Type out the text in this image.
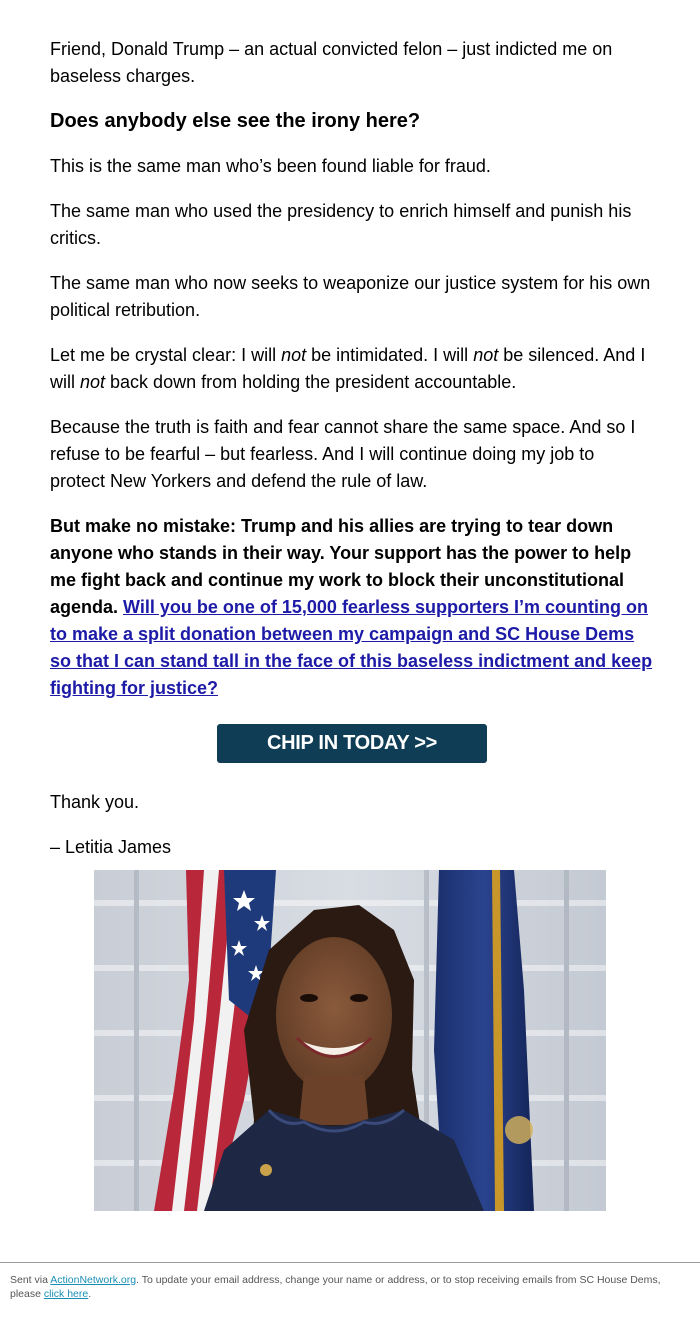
Friend, Donald Trump – an actual convicted felon – just indicted me on baseless charges.

Does anybody else see the irony here?

This is the same man who’s been found liable for fraud.

The same man who used the presidency to enrich himself and punish his critics.

The same man who now seeks to weaponize our justice system for his own political retribution.

Let me be crystal clear: I will not be intimidated. I will not be silenced. And I will not back down from holding the president accountable.

Because the truth is faith and fear cannot share the same space. And so I refuse to be fearful – but fearless. And I will continue doing my job to protect New Yorkers and defend the rule of law.

But make no mistake: Trump and his allies are trying to tear down anyone who stands in their way. Your support has the power to help me fight back and continue my work to block their unconstitutional agenda. Will you be one of 15,000 fearless supporters I’m counting on to make a split donation between my campaign and SC House Dems so that I can stand tall in the face of this baseless indictment and keep fighting for justice?

CHIP IN TODAY >>

Thank you.

– Letitia James

Sent via ActionNetwork.org. To update your email address, change your name or address, or to stop receiving emails from SC House Dems, please click here.
